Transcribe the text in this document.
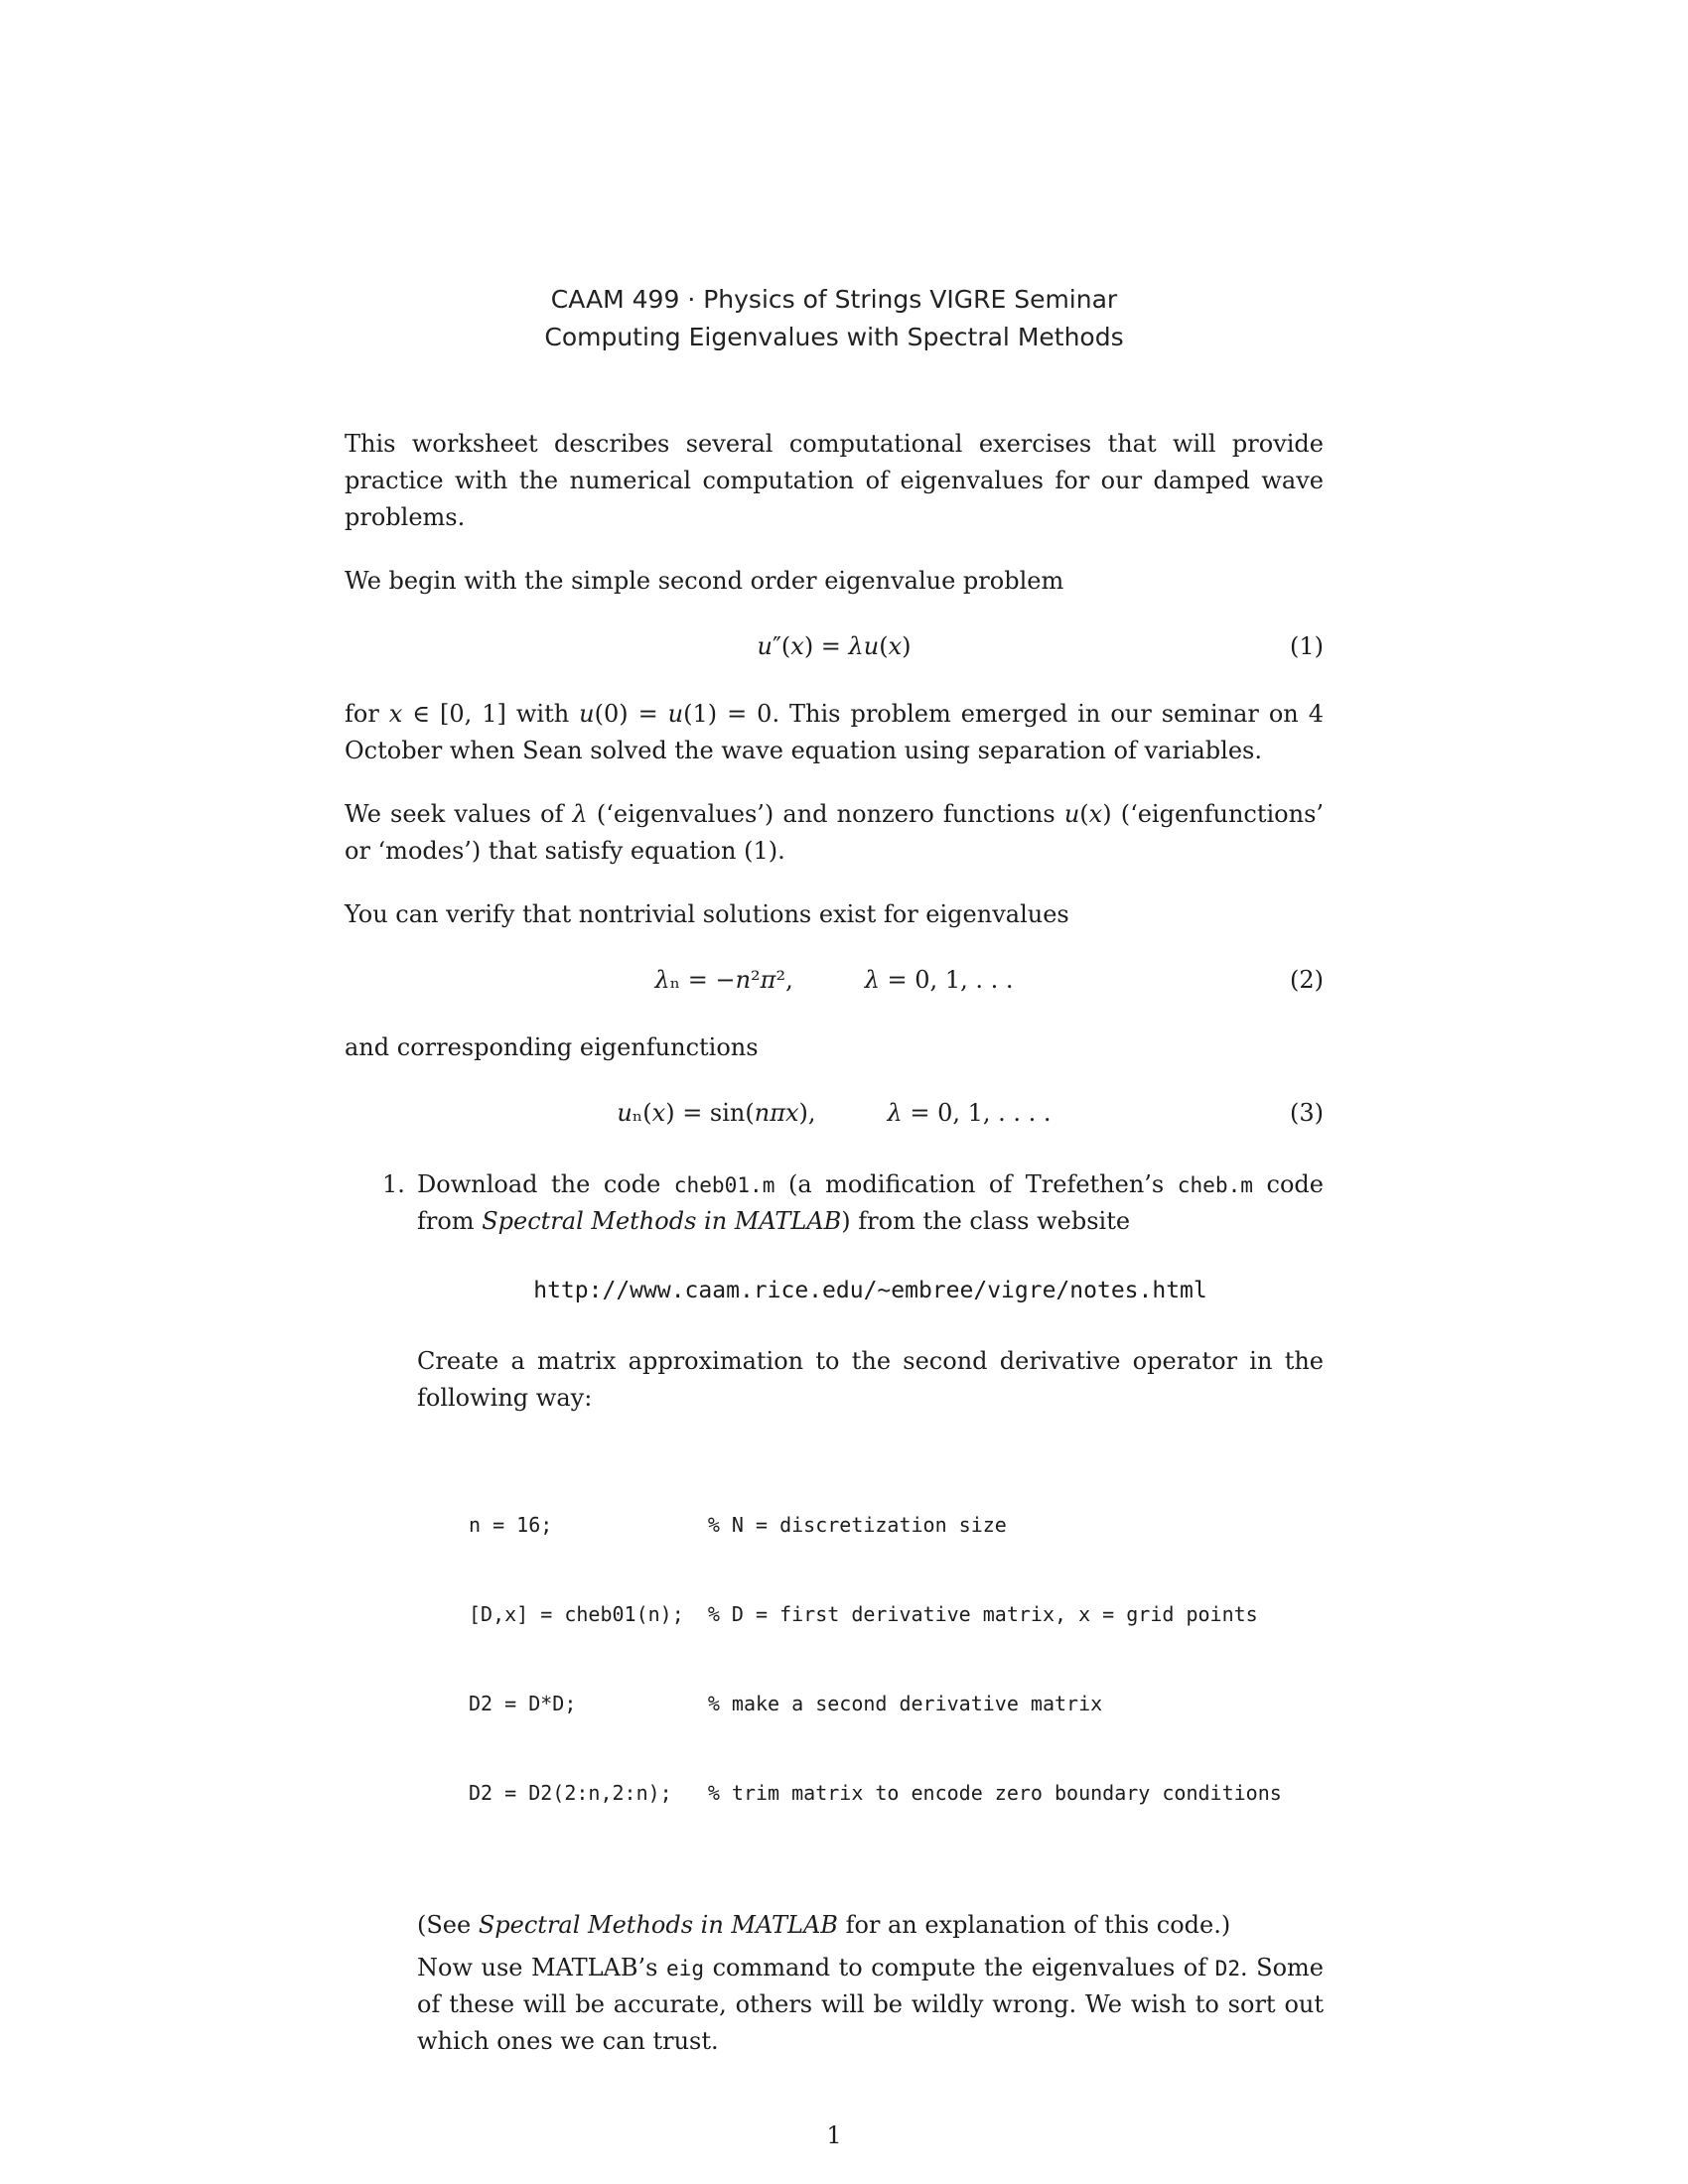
CAAM 499 · Physics of Strings VIGRE Seminar
Computing Eigenvalues with Spectral Methods

This worksheet describes several computational exercises that will provide practice with the numerical computation of eigenvalues for our damped wave problems.

We begin with the simple second order eigenvalue problem

u″(x) = λu(x)	(1)

for x ∈ [0, 1] with u(0) = u(1) = 0. This problem emerged in our seminar on 4 October when Sean solved the wave equation using separation of variables.

We seek values of λ (‘eigenvalues’) and nonzero functions u(x) (‘eigenfunctions’ or ‘modes’) that satisfy equation (1).

You can verify that nontrivial solutions exist for eigenvalues

λₙ = −n²π²,   	λ = 0, 1, . . .	(2)

and corresponding eigenfunctions

uₙ(x) = sin(nπx),   	λ = 0, 1, . . . .	(3)
1. Download the code cheb01.m (a modification of Trefethen’s cheb.m code from Spectral Methods in MATLAB) from the class website

http://www.caam.rice.edu/~embree/vigre/notes.html

Create a matrix approximation to the second derivative operator in the following way:

n = 16;             % N = discretization size

[D,x] = cheb01(n);  % D = first derivative matrix, x = grid points

D2 = D*D;           % make a second derivative matrix

D2 = D2(2:n,2:n);   % trim matrix to encode zero boundary conditions

(See Spectral Methods in MATLAB for an explanation of this code.)

Now use MATLAB’s eig command to compute the eigenvalues of D2. Some of these will be accurate, others will be wildly wrong. We wish to sort out which ones we can trust.

1
